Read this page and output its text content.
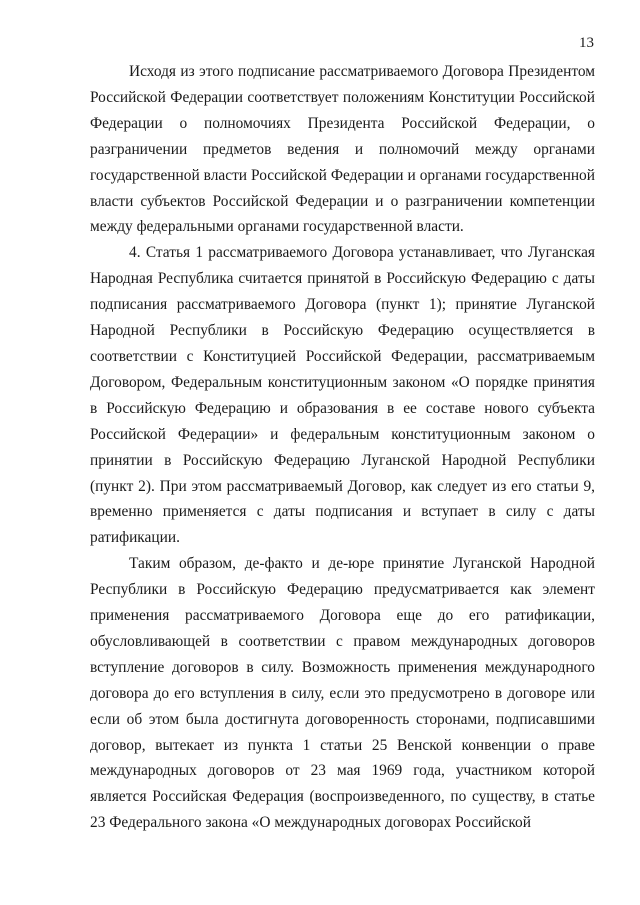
13

Исходя из этого подписание рассматриваемого Договора Президентом Российской Федерации соответствует положениям Конституции Российской Федерации о полномочиях Президента Российской Федерации, о разграничении предметов ведения и полномочий между органами государственной власти Российской Федерации и органами государственной власти субъектов Российской Федерации и о разграничении компетенции между федеральными органами государственной власти.

4. Статья 1 рассматриваемого Договора устанавливает, что Луганская Народная Республика считается принятой в Российскую Федерацию с даты подписания рассматриваемого Договора (пункт 1); принятие Луганской Народной Республики в Российскую Федерацию осуществляется в соответствии с Конституцией Российской Федерации, рассматриваемым Договором, Федеральным конституционным законом «О порядке принятия в Российскую Федерацию и образования в ее составе нового субъекта Российской Федерации» и федеральным конституционным законом о принятии в Российскую Федерацию Луганской Народной Республики (пункт 2). При этом рассматриваемый Договор, как следует из его статьи 9, временно применяется с даты подписания и вступает в силу с даты ратификации.

Таким образом, де-факто и де-юре принятие Луганской Народной Республики в Российскую Федерацию предусматривается как элемент применения рассматриваемого Договора еще до его ратификации, обусловливающей в соответствии с правом международных договоров вступление договоров в силу. Возможность применения международного договора до его вступления в силу, если это предусмотрено в договоре или если об этом была достигнута договоренность сторонами, подписавшими договор, вытекает из пункта 1 статьи 25 Венской конвенции о праве международных договоров от 23 мая 1969 года, участником которой является Российская Федерация (воспроизведенного, по существу, в статье 23 Федерального закона «О международных договорах Российской
